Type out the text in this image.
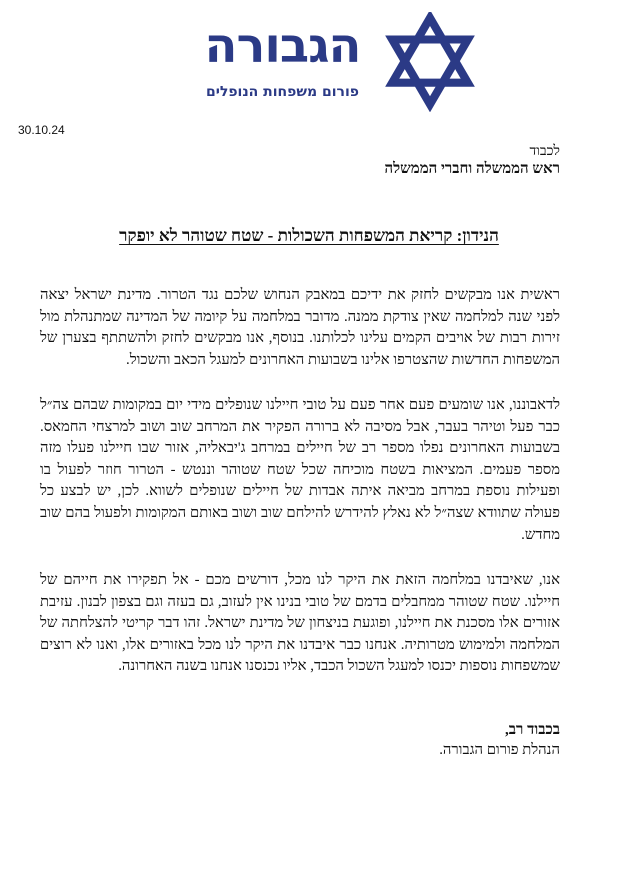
הגבורה
פורום משפחות הנופלים
30.10.24
לכבוד
ראש הממשלה וחברי הממשלה
הנידון: קריאת המשפחות השכולות - שטח שטוהר לא יופקר

ראשית אנו מבקשים לחזק את ידיכם במאבק הנחוש שלכם נגד הטרור. מדינת ישראל יצאה לפני שנה למלחמה שאין צודקת ממנה. מדובר במלחמה על קיומה של המדינה שמתנהלת מול זירות רבות של אויבים הקמים עלינו לכלותנו. בנוסף, אנו מבקשים לחזק ולהשתתף בצערן של המשפחות החדשות שהצטרפו אלינו בשבועות האחרונים למעגל הכאב והשכול.

לדאבוננו, אנו שומעים פעם אחר פעם על טובי חיילנו שנופלים מידי יום במקומות שבהם צה״ל כבר פעל וטיהר בעבר, אבל מסיבה לא ברורה הפקיר את המרחב שוב ושוב למרצחי החמאס. בשבועות האחרונים נפלו מספר רב של חיילים במרחב ג'יבאליה, אזור שבו חיילנו פעלו מזה מספר פעמים. המציאות בשטח מוכיחה שכל שטח שטוהר וננטש - הטרור חוזר לפעול בו ופעילות נוספת במרחב מביאה איתה אבדות של חיילים שנופלים לשווא. לכן, יש לבצע כל פעולה שתוודא שצה״ל לא נאלץ להידרש להילחם שוב ושוב באותם המקומות ולפעול בהם שוב מחדש.

אנו, שאיבדנו במלחמה הזאת את היקר לנו מכל, דורשים מכם - אל תפקירו את חייהם של חיילנו. שטח שטוהר ממחבלים בדמם של טובי בנינו אין לעזוב, גם בעזה וגם בצפון לבנון. עזיבת אזורים אלו מסכנת את חיילנו, ופוגעת בניצחון של מדינת ישראל. זהו דבר קריטי להצלחתה של המלחמה ולמימוש מטרותיה. אנחנו כבר איבדנו את היקר לנו מכל באזורים אלו, ואנו לא רוצים שמשפחות נוספות יכנסו למעגל השכול הכבד, אליו נכנסנו אנחנו בשנה האחרונה.

בכבוד רב,
הנהלת פורום הגבורה.
